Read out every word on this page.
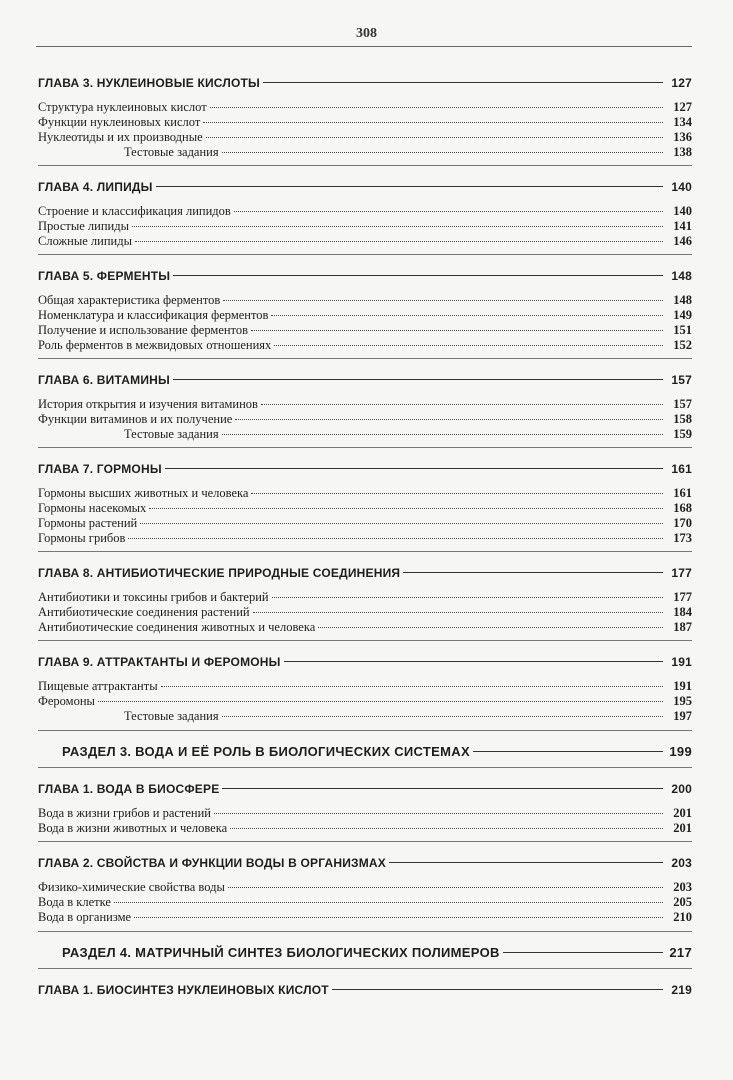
308
ГЛАВА 3. НУКЛЕИНОВЫЕ КИСЛОТЫ	127
Структура нуклеиновых кислот	127
Функции нуклеиновых кислот	134
Нуклеотиды и их производные	136
Тестовые задания	138
ГЛАВА 4. ЛИПИДЫ	140
Строение и классификация липидов	140
Простые липиды	141
Сложные липиды	146
ГЛАВА 5. ФЕРМЕНТЫ	148
Общая характеристика ферментов	148
Номенклатура и классификация ферментов	149
Получение и использование ферментов	151
Роль ферментов в межвидовых отношениях	152
ГЛАВА 6. ВИТАМИНЫ	157
История открытия и изучения витаминов	157
Функции витаминов и их получение	158
Тестовые задания	159
ГЛАВА 7. ГОРМОНЫ	161
Гормоны высших животных и человека	161
Гормоны насекомых	168
Гормоны растений	170
Гормоны грибов	173
ГЛАВА 8. АНТИБИОТИЧЕСКИЕ ПРИРОДНЫЕ СОЕДИНЕНИЯ	177
Антибиотики и токсины грибов и бактерий	177
Антибиотические соединения растений	184
Антибиотические соединения животных и человека	187
ГЛАВА 9. АТТРАКТАНТЫ И ФЕРОМОНЫ	191
Пищевые аттрактанты	191
Феромоны	195
Тестовые задания	197
РАЗДЕЛ 3. ВОДА И ЕЁ РОЛЬ В БИОЛОГИЧЕСКИХ СИСТЕМАХ	199
ГЛАВА 1. ВОДА В БИОСФЕРЕ	200
Вода в жизни грибов и растений	201
Вода в жизни животных и человека	201
ГЛАВА 2. СВОЙСТВА И ФУНКЦИИ ВОДЫ В ОРГАНИЗМАХ	203
Физико-химические свойства воды	203
Вода в клетке	205
Вода в организме	210
РАЗДЕЛ 4. МАТРИЧНЫЙ СИНТЕЗ БИОЛОГИЧЕСКИХ ПОЛИМЕРОВ	217
ГЛАВА 1. БИОСИНТЕЗ НУКЛЕИНОВЫХ КИСЛОТ	219
